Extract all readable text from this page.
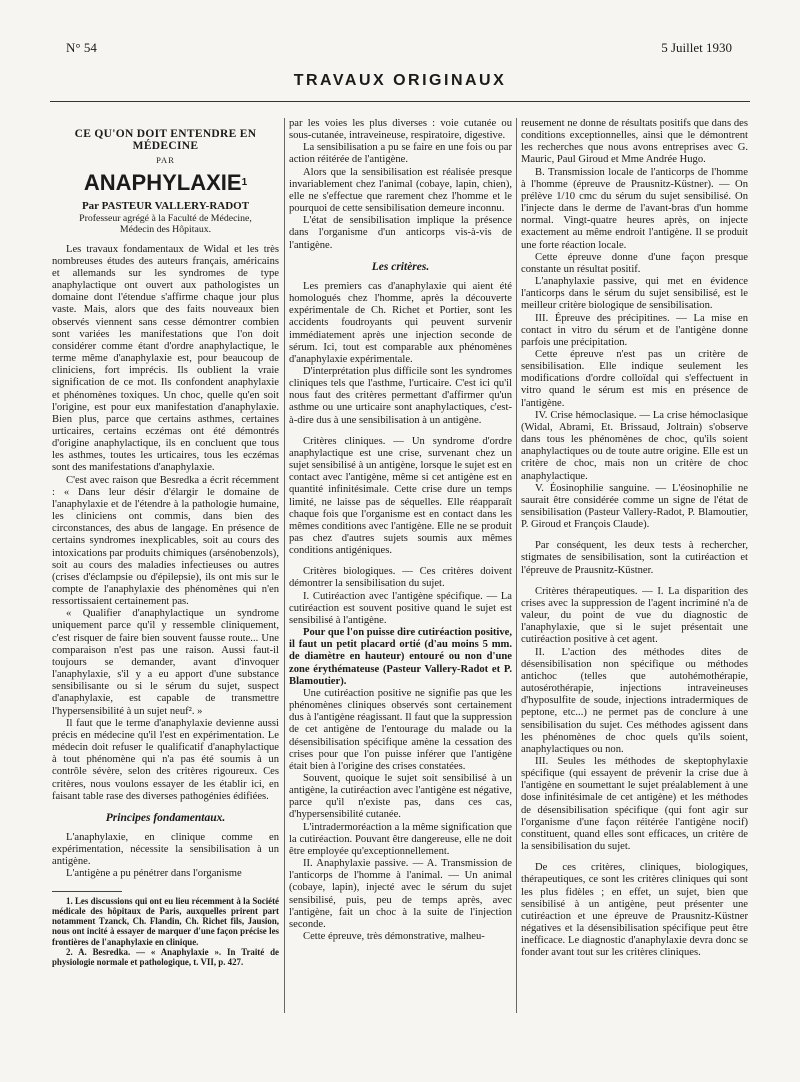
N° 54	5 Juillet 1930
TRAVAUX ORIGINAUX
CE QU'ON DOIT ENTENDRE EN MÉDECINE
PAR
ANAPHYLAXIE$^1$
Par PASTEUR VALLERY-RADOT
Professeur agrégé à la Faculté de Médecine,
Médecin des Hôpitaux.

Les travaux fondamentaux de Widal et les très nombreuses études des auteurs français, américains et allemands sur les syndromes de type anaphylactique ont ouvert aux pathologistes un domaine dont l'étendue s'affirme chaque jour plus vaste. Mais, alors que des faits nouveaux bien observés viennent sans cesse démontrer combien sont variées les manifestations que l'on doit considérer comme étant d'ordre anaphylactique, le terme même d'anaphylaxie est, pour beaucoup de cliniciens, fort imprécis. Ils oublient la vraie signification de ce mot. Ils confondent anaphylaxie et phénomènes toxiques. Un choc, quelle qu'en soit l'origine, est pour eux manifestation d'anaphylaxie. Bien plus, parce que certains asthmes, certaines urticaires, certains eczémas ont été démontrés d'origine anaphylactique, ils en concluent que tous les asthmes, toutes les urticaires, tous les eczémas sont des manifestations d'anaphylaxie.

C'est avec raison que Besredka a écrit récemment : « Dans leur désir d'élargir le domaine de l'anaphylaxie et de l'étendre à la pathologie humaine, les cliniciens ont commis, dans bien des circonstances, des abus de langage. En présence de certains syndromes inexplicables, soit au cours des intoxications par produits chimiques (arsénobenzols), soit au cours des maladies infectieuses ou autres (crises d'éclampsie ou d'épilepsie), ils ont mis sur le compte de l'anaphylaxie des phénomènes qui n'en ressortissaient certainement pas.

« Qualifier d'anaphylactique un syndrome uniquement parce qu'il y ressemble cliniquement, c'est risquer de faire bien souvent fausse route... Une comparaison n'est pas une raison. Aussi faut-il toujours se demander, avant d'invoquer l'anaphylaxie, s'il y a eu apport d'une substance sensibilisante ou si le sérum du sujet, suspect d'anaphylaxie, est capable de transmettre l'hypersensibilité à un sujet neuf². »

Il faut que le terme d'anaphylaxie devienne aussi précis en médecine qu'il l'est en expérimentation. Le médecin doit refuser le qualificatif d'anaphylactique à tout phénomène qui n'a pas été soumis à un contrôle sévère, selon des critères rigoureux. Ces critères, nous voulons essayer de les établir ici, en faisant table rase des diverses pathogénies édifiées.

Principes fondamentaux.

L'anaphylaxie, en clinique comme en expérimentation, nécessite la sensibilisation à un antigène.

L'antigène a pu pénétrer dans l'organisme

1. Les discussions qui ont eu lieu récemment à la Société médicale des hôpitaux de Paris, auxquelles prirent part notamment Tzanck, Ch. Flandin, Ch. Richet fils, Jausion, nous ont incité à essayer de marquer d'une façon précise les frontières de l'anaphylaxie en clinique.

2. A. Besredka. — « Anaphylaxie ». In Traité de physiologie normale et pathologique, t. VII, p. 427.

par les voies les plus diverses : voie cutanée ou sous-cutanée, intraveineuse, respiratoire, digestive.

La sensibilisation a pu se faire en une fois ou par action réitérée de l'antigène.

Alors que la sensibilisation est réalisée presque invariablement chez l'animal (cobaye, lapin, chien), elle ne s'effectue que rarement chez l'homme et le pourquoi de cette sensibilisation demeure inconnu.

L'état de sensibilisation implique la présence dans l'organisme d'un anticorps vis-à-vis de l'antigène.

Les critères.

Les premiers cas d'anaphylaxie qui aient été homologués chez l'homme, après la découverte expérimentale de Ch. Richet et Portier, sont les accidents foudroyants qui peuvent survenir immédiatement après une injection seconde de sérum. Ici, tout est comparable aux phénomènes d'anaphylaxie expérimentale.

D'interprétation plus difficile sont les syndromes cliniques tels que l'asthme, l'urticaire. C'est ici qu'il nous faut des critères permettant d'affirmer qu'un asthme ou une urticaire sont anaphylactiques, c'est-à-dire dus à une sensibilisation à un antigène.

Critères cliniques. — Un syndrome d'ordre anaphylactique est une crise, survenant chez un sujet sensibilisé à un antigène, lorsque le sujet est en contact avec l'antigène, même si cet antigène est en quantité infinitésimale. Cette crise dure un temps limité, ne laisse pas de séquelles. Elle réapparaît chaque fois que l'organisme est en contact dans les mêmes conditions avec l'antigène. Elle ne se produit pas chez d'autres sujets soumis aux mêmes conditions antigéniques.

Critères biologiques. — Ces critères doivent démontrer la sensibilisation du sujet.

I. Cutiréaction avec l'antigène spécifique. — La cutiréaction est souvent positive quand le sujet est sensibilisé à l'antigène.

Pour que l'on puisse dire cutiréaction positive, il faut un petit placard ortié (d'au moins 5 mm. de diamètre en hauteur) entouré ou non d'une zone érythémateuse (Pasteur Vallery-Radot et P. Blamoutier).

Une cutiréaction positive ne signifie pas que les phénomènes cliniques observés sont certainement dus à l'antigène réagissant. Il faut que la suppression de cet antigène de l'entourage du malade ou la désensibilisation spécifique amène la cessation des crises pour que l'on puisse inférer que l'antigène était bien à l'origine des crises constatées.

Souvent, quoique le sujet soit sensibilisé à un antigène, la cutiréaction avec l'antigène est négative, parce qu'il n'existe pas, dans ces cas, d'hypersensibilité cutanée.

L'intradermoréaction a la même signification que la cutiréaction. Pouvant être dangereuse, elle ne doit être employée qu'exceptionnellement.

II. Anaphylaxie passive. — A. Transmission de l'anticorps de l'homme à l'animal. — Un animal (cobaye, lapin), injecté avec le sérum du sujet sensibilisé, puis, peu de temps après, avec l'antigène, fait un choc à la suite de l'injection seconde.

Cette épreuve, très démonstrative, malheu-

reusement ne donne de résultats positifs que dans des conditions exceptionnelles, ainsi que le démontrent les recherches que nous avons entreprises avec G. Mauric, Paul Giroud et Mme Andrée Hugo.

B. Transmission locale de l'anticorps de l'homme à l'homme (épreuve de Prausnitz-Küstner). — On prélève 1/10 cmc du sérum du sujet sensibilisé. On l'injecte dans le derme de l'avant-bras d'un homme normal. Vingt-quatre heures après, on injecte exactement au même endroit l'antigène. Il se produit une forte réaction locale.

Cette épreuve donne d'une façon presque constante un résultat positif.

L'anaphylaxie passive, qui met en évidence l'anticorps dans le sérum du sujet sensibilisé, est le meilleur critère biologique de sensibilisation.

III. Épreuve des précipitines. — La mise en contact in vitro du sérum et de l'antigène donne parfois une précipitation.

Cette épreuve n'est pas un critère de sensibilisation. Elle indique seulement les modifications d'ordre colloïdal qui s'effectuent in vitro quand le sérum est mis en présence de l'antigène.

IV. Crise hémoclasique. — La crise hémoclasique (Widal, Abrami, Et. Brissaud, Joltrain) s'observe dans tous les phénomènes de choc, qu'ils soient anaphylactiques ou de toute autre origine. Elle est un critère de choc, mais non un critère de choc anaphylactique.

V. Éosinophilie sanguine. — L'éosinophilie ne saurait être considérée comme un signe de l'état de sensibilisation (Pasteur Vallery-Radot, P. Blamoutier, P. Giroud et François Claude).

Par conséquent, les deux tests à rechercher, stigmates de sensibilisation, sont la cutiréaction et l'épreuve de Prausnitz-Küstner.

Critères thérapeutiques. — I. La disparition des crises avec la suppression de l'agent incriminé n'a de valeur, du point de vue du diagnostic de l'anaphylaxie, que si le sujet présentait une cutiréaction positive à cet agent.

II. L'action des méthodes dites de désensibilisation non spécifique ou méthodes antichoc (telles que autohémothérapie, autosérothérapie, injections intraveineuses d'hyposulfite de soude, injections intradermiques de peptone, etc...) ne permet pas de conclure à une sensibilisation du sujet. Ces méthodes agissent dans les phénomènes de choc quels qu'ils soient, anaphylactiques ou non.

III. Seules les méthodes de skeptophylaxie spécifique (qui essayent de prévenir la crise due à l'antigène en soumettant le sujet préalablement à une dose infinitésimale de cet antigène) et les méthodes de désensibilisation spécifique (qui font agir sur l'organisme d'une façon réitérée l'antigène nocif) constituent, quand elles sont efficaces, un critère de la sensibilisation du sujet.

De ces critères, cliniques, biologiques, thérapeutiques, ce sont les critères cliniques qui sont les plus fidèles ; en effet, un sujet, bien que sensibilisé à un antigène, peut présenter une cutiréaction et une épreuve de Prausnitz-Küstner négatives et la désensibilisation spécifique peut être inefficace. Le diagnostic d'anaphylaxie devra donc se fonder avant tout sur les critères cliniques.
